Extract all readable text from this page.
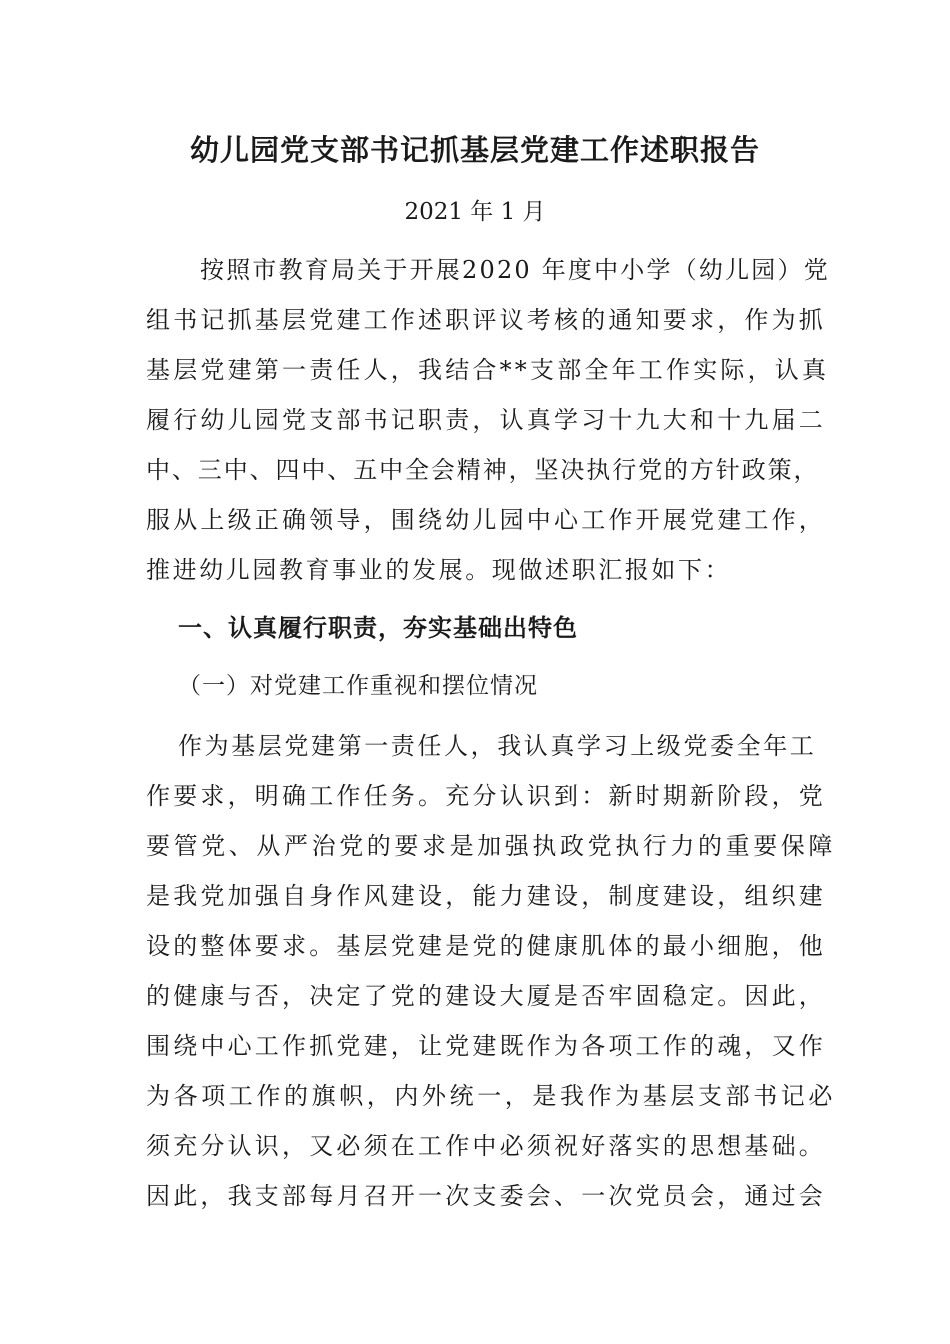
幼儿园党支部书记抓基层党建工作述职报告
2021 年 1 月
按照市教育局关于开展2020 年度中小学（幼儿园）党
组书记抓基层党建工作述职评议考核的通知要求，作为抓
基层党建第一责任人，我结合**支部全年工作实际，认真
履行幼儿园党支部书记职责，认真学习十九大和十九届二
中、三中、四中、五中全会精神，坚决执行党的方针政策，
服从上级正确领导，围绕幼儿园中心工作开展党建工作，
推进幼儿园教育事业的发展。现做述职汇报如下：
一、认真履行职责，夯实基础出特色
（一）对党建工作重视和摆位情况
作为基层党建第一责任人，我认真学习上级党委全年工
作要求，明确工作任务。充分认识到：新时期新阶段，党
要管党、从严治党的要求是加强执政党执行力的重要保障
是我党加强自身作风建设，能力建设，制度建设，组织建
设的整体要求。基层党建是党的健康肌体的最小细胞，他
的健康与否，决定了党的建设大厦是否牢固稳定。因此，
围绕中心工作抓党建，让党建既作为各项工作的魂，又作
为各项工作的旗帜，内外统一，是我作为基层支部书记必
须充分认识，又必须在工作中必须祝好落实的思想基础。
因此，我支部每月召开一次支委会、一次党员会，通过会
